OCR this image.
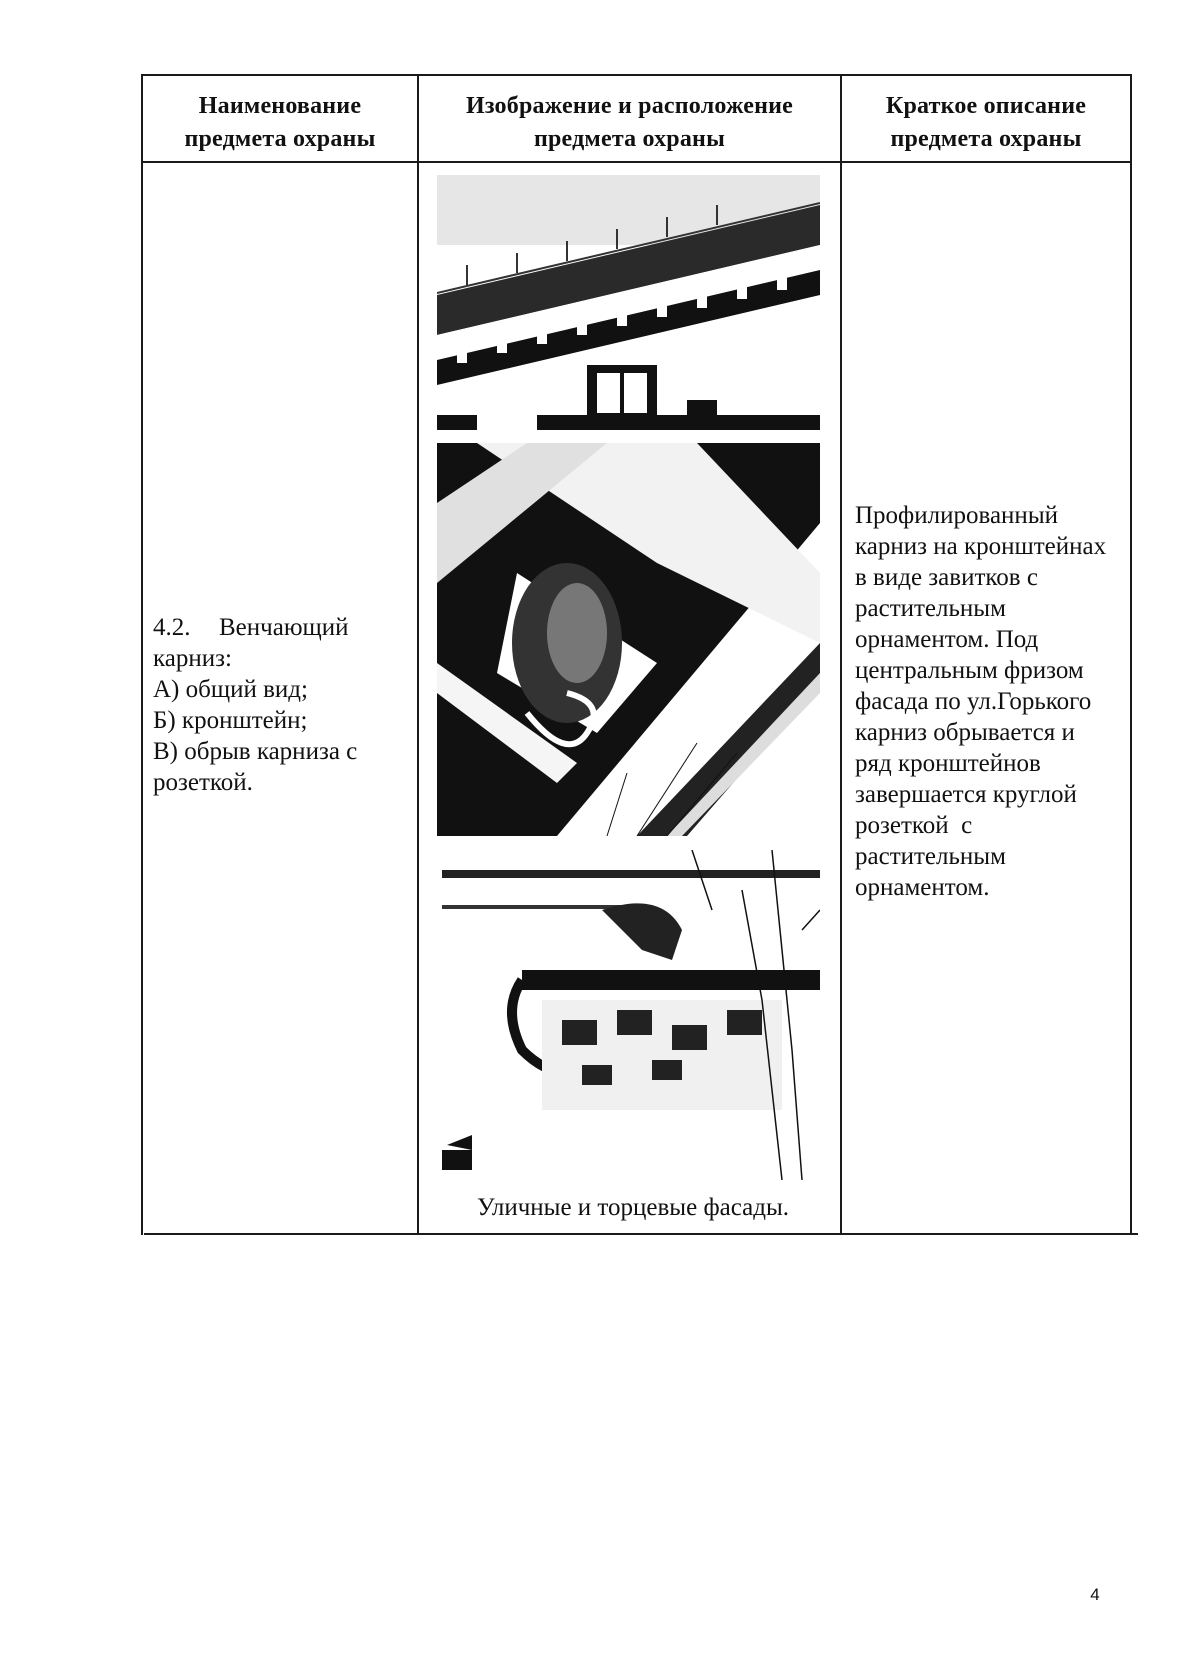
Наименование
предмета охраны
Изображение и расположение
предмета охраны
Краткое описание
предмета охраны
4.2.	Венчающий
карниз:
А) общий вид;
Б) кронштейн;
В) обрыв карниза с
розеткой.
Уличные и торцевые фасады.
Профилированный
карниз на кронштейнах
в виде завитков с
растительным
орнаментом. Под
центральным фризом
фасада по ул.Горького
карниз обрывается и
ряд кронштейнов
завершается круглой
розеткой  с
растительным
орнаментом.
4
